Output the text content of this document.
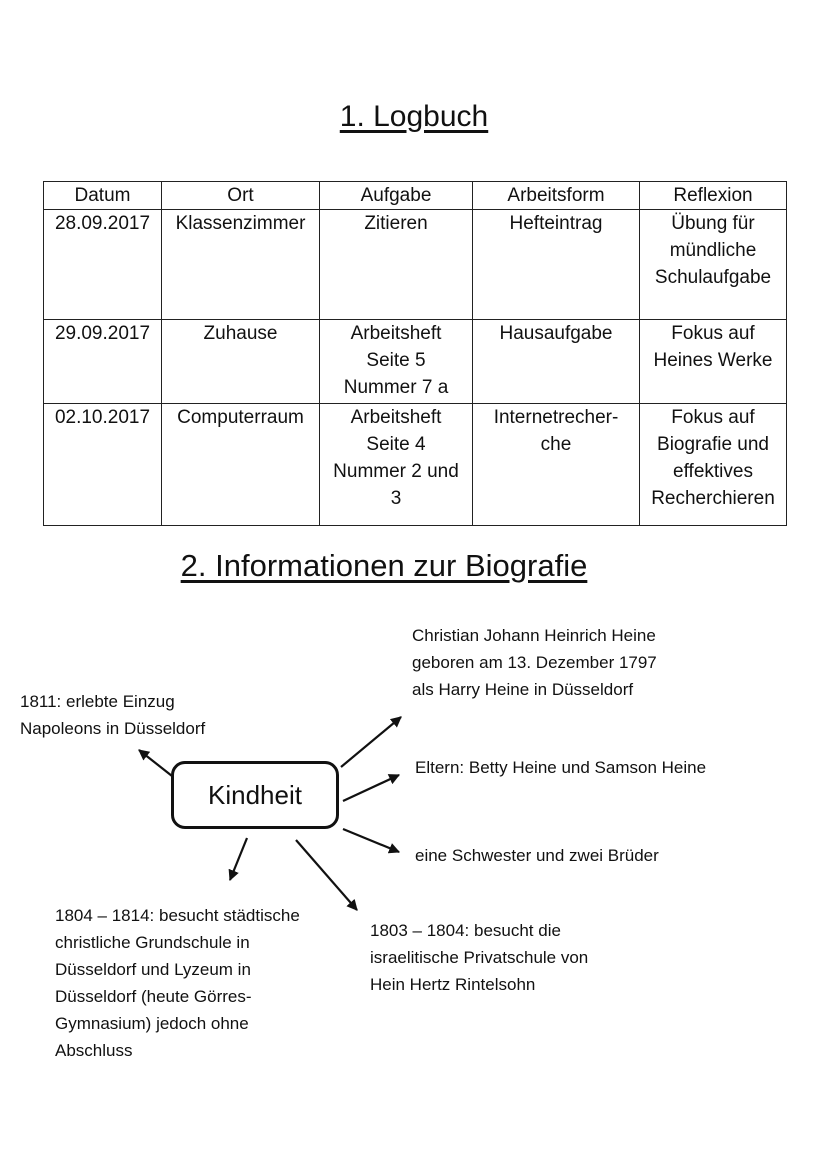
1. Logbuch
Datum	Ort	Aufgabe	Arbeitsform	Reflexion
28.09.2017	Klassenzimmer	Zitieren	Hefteintrag	Übung für
mündliche
Schulaufgabe

29.09.2017	Zuhause	Arbeitsheft
Seite 5
Nummer 7 a	Hausaufgabe	Fokus auf
Heines Werke

02.10.2017	Computerraum	Arbeitsheft
Seite 4
Nummer 2 und
3	Internetrecher-
che	Fokus auf
Biografie und
effektives
Recherchieren
2. Informationen zur Biografie
Kindheit
Christian Johann Heinrich Heine
geboren am 13. Dezember 1797
als Harry Heine in Düsseldorf
1811: erlebte Einzug
Napoleons in Düsseldorf
Eltern: Betty Heine und Samson Heine
eine Schwester und zwei Brüder
1804 – 1814: besucht städtische
christliche Grundschule in
Düsseldorf und Lyzeum in
Düsseldorf (heute Görres-
Gymnasium) jedoch ohne
Abschluss
1803 – 1804: besucht die
israelitische Privatschule von
Hein Hertz Rintelsohn
